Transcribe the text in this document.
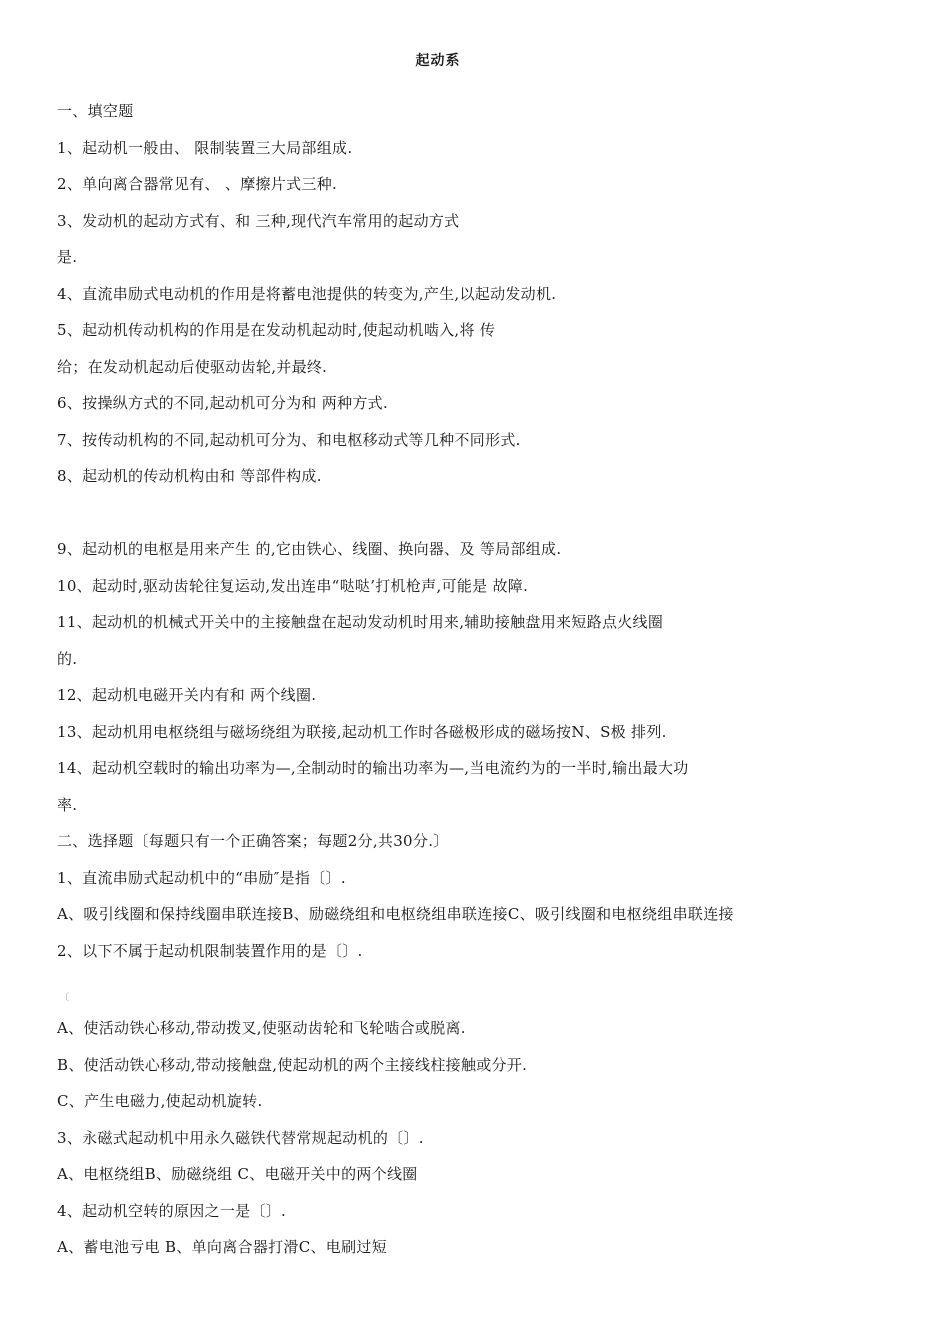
起动系
一、填空题
1、起动机一般由、 限制装置三大局部组成.
2、单向离合器常见有、 、摩擦片式三种.
3、发动机的起动方式有、和 三种,现代汽车常用的起动方式
是.
4、直流串励式电动机的作用是将蓄电池提供的转变为,产生,以起动发动机.
5、起动机传动机构的作用是在发动机起动时,使起动机啮入,将 传
给；在发动机起动后使驱动齿轮,并最终.
6、按操纵方式的不同,起动机可分为和 两种方式.
7、按传动机构的不同,起动机可分为、和电枢移动式等几种不同形式.
8、起动机的传动机构由和 等部件构成.
9、起动机的电枢是用来产生 的,它由铁心、线圈、换向器、及 等局部组成.
10、起动时,驱动齿轮往复运动,发出连串“哒哒’打机枪声,可能是 故障.
11、起动机的机械式开关中的主接触盘在起动发动机时用来,辅助接触盘用来短路点火线圈
的.
12、起动机电磁开关内有和 两个线圈.
13、起动机用电枢绕组与磁场绕组为联接,起动机工作时各磁极形成的磁场按N、S极 排列.
14、起动机空载时的输出功率为—,全制动时的输出功率为—,当电流约为的一半时,输出最大功
率.
二、选择题〔每题只有一个正确答案；每题2分,共30分.〕
1、直流串励式起动机中的“串励″是指〔〕.
A、吸引线圈和保持线圈串联连接B、励磁绕组和电枢绕组串联连接C、吸引线圈和电枢绕组串联连接
2、以下不属于起动机限制装置作用的是〔〕.
〔
A、使活动铁心移动,带动拨叉,使驱动齿轮和飞轮啮合或脱离.
B、使活动铁心移动,带动接触盘,使起动机的两个主接线柱接触或分开.
C、产生电磁力,使起动机旋转.
3、永磁式起动机中用永久磁铁代替常规起动机的〔〕.
A、电枢绕组B、励磁绕组 C、电磁开关中的两个线圈
4、起动机空转的原因之一是〔〕.
A、蓄电池亏电 B、单向离合器打滑C、电刷过短
